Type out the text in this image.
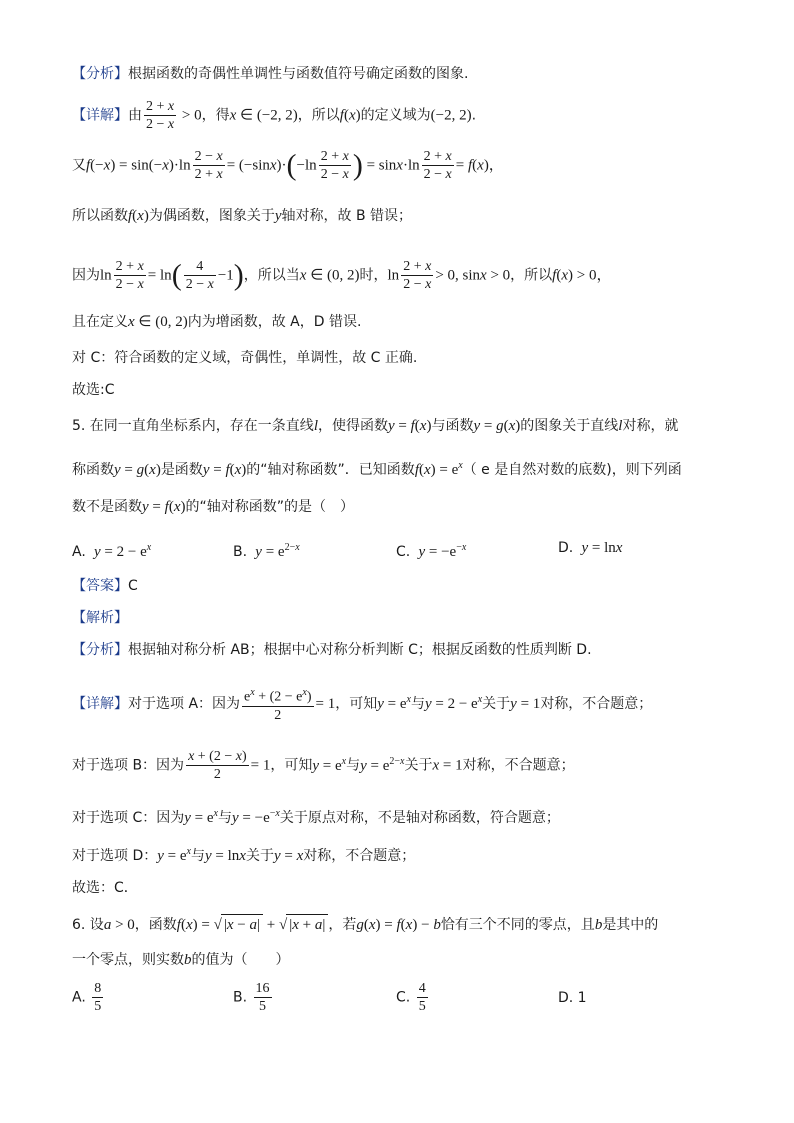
【分析】根据函数的奇偶性单调性与函数值符号确定函数的图象.
【详解】由 $\frac{2 + x}{2 - x} > 0$，得x ∈ (−2, 2)，所以f(x)的定义域为(−2, 2).
又$f(-x) = \sin(-x)\cdot\ln \frac{2 - x}{2 + x} = (-\sin x)\cdot(-\ln \frac{2 + x}{2 - x}$ ) = $\sin x\cdot\ln \frac{2 + x}{2 - x} = f(x)$，
所以函数f(x)为偶函数，图象关于y轴对称，故 B 错误；
因为$\ln \frac{2 + x}{2 - x} = \ln( \frac{4}{2 - x} -1)$，所以当x ∈ (0, 2)时，$\ln \frac{2 + x}{2 - x} > 0$, sinx > 0，所以f(x) > 0，
且在定义x ∈ (0, 2)内为增函数，故 A，D 错误.
对 C：符合函数的定义域，奇偶性，单调性，故 C 正确.
故选:C
5. 在同一直角坐标系内，存在一条直线l，使得函数y = f(x)与函数y = g(x)的图象关于直线l对称，就
称函数y = g(x)是函数y = f(x)的“轴对称函数”．已知函数$f(x) = e^x$（ e 是自然对数的底数)，则下列函
数不是函数y = f(x)的“轴对称函数”的是（　）
A. $y = 2 - e^x$	B. $y = e^{2-x}$	C. $y = -e^{-x}$	D. y = lnx
【答案】C
【解析】
【分析】根据轴对称分析 AB；根据中心对称分析判断 C；根据反函数的性质判断 D.
【详解】对于选项 A：因为 $\frac{e^x + (2 - e^x)}{2} = 1$，可知$y = e^x$与$y = 2 - e^x$关于y = 1对称，不合题意；
对于选项 B：因为 $\frac{x + (2 - x)}{2} = 1$，可知$y = e^x$与$y = e^{2-x}$关于x = 1对称，不合题意；
对于选项 C：因为$y = e^x$与$y = -e^{-x}$关于原点对称，不是轴对称函数，符合题意；
对于选项 D：$y = e^x$与y = lnx关于y = x对称，不合题意；
故选：C．
6. 设a > 0，函数f(x) = √ |x − a| + √ |x + a| ，若g(x) = f(x) − b恰有三个不同的零点，且b是其中的
一个零点，则实数b的值为（　　）
A. $\frac{8}{5}$	B. $\frac{16}{5}$	C. $\frac{4}{5}$	D. 1
